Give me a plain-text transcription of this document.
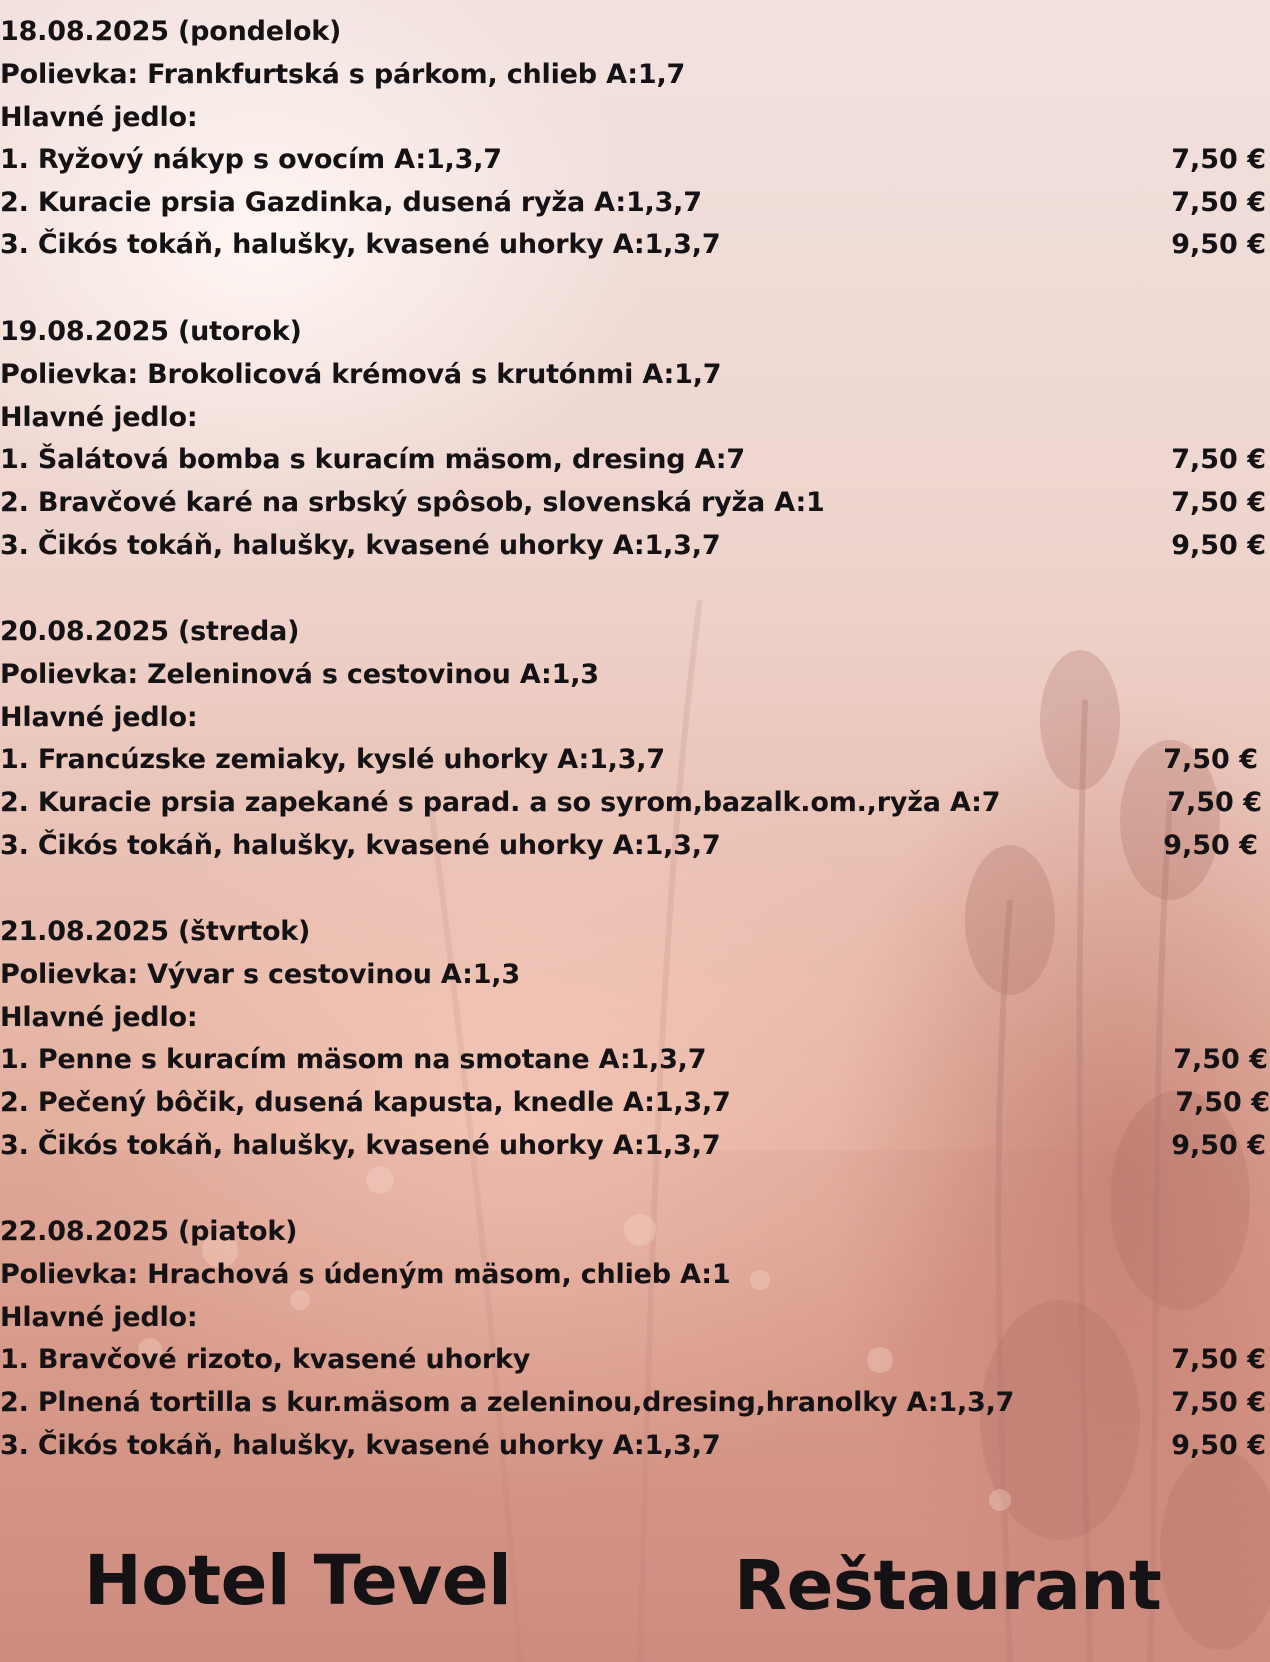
18.08.2025 (pondelok)
Polievka: Frankfurtská s párkom, chlieb A:1,7
Hlavné jedlo:
1. Ryžový nákyp s ovocím A:1,3,7	7,50 €
2. Kuracie prsia Gazdinka, dusená ryža A:1,3,7	7,50 €
3. Čikós tokáň, halušky, kvasené uhorky A:1,3,7	9,50 €
19.08.2025 (utorok)
Polievka: Brokolicová krémová s krutónmi A:1,7
Hlavné jedlo:
1. Šalátová bomba s kuracím mäsom, dresing A:7	7,50 €
2. Bravčové karé na srbský spôsob, slovenská ryža A:1	7,50 €
3. Čikós tokáň, halušky, kvasené uhorky A:1,3,7	9,50 €
20.08.2025 (streda)
Polievka: Zeleninová s cestovinou A:1,3
Hlavné jedlo:
1. Francúzske zemiaky, kyslé uhorky A:1,3,7	7,50 €
2. Kuracie prsia zapekané s parad. a so syrom,bazalk.om.,ryža A:7	7,50 €
3. Čikós tokáň, halušky, kvasené uhorky A:1,3,7	9,50 €
21.08.2025 (štvrtok)
Polievka: Vývar s cestovinou A:1,3
Hlavné jedlo:
1. Penne s kuracím mäsom na smotane A:1,3,7	7,50 €
2. Pečený bôčik, dusená kapusta, knedle A:1,3,7	7,50 €
3. Čikós tokáň, halušky, kvasené uhorky A:1,3,7	9,50 €
22.08.2025 (piatok)
Polievka: Hrachová s údeným mäsom, chlieb A:1
Hlavné jedlo:
1. Bravčové rizoto, kvasené uhorky	7,50 €
2. Plnená tortilla s kur.mäsom a zeleninou,dresing,hranolky A:1,3,7	7,50 €
3. Čikós tokáň, halušky, kvasené uhorky A:1,3,7	9,50 €
Hotel Tevel	Reštaurant
